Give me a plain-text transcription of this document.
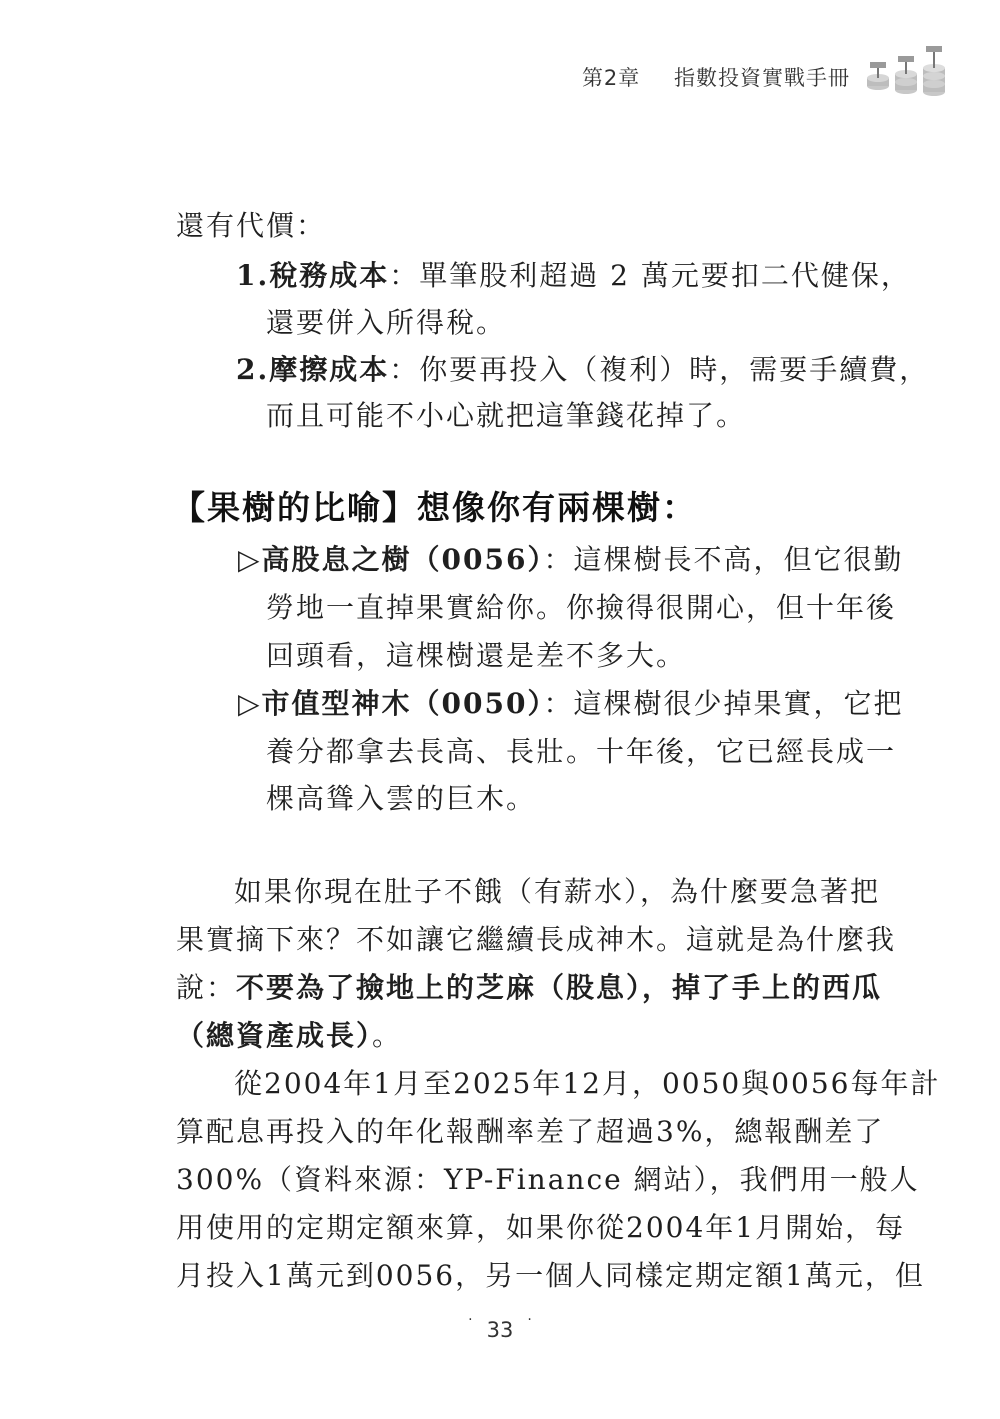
第2章 指數投資實戰手冊
還有代價：
1.稅務成本：單筆股利超過 2 萬元要扣二代健保，
還要併入所得稅。
2.摩擦成本：你要再投入（複利）時，需要手續費，
而且可能不小心就把這筆錢花掉了。
【果樹的比喻】想像你有兩棵樹：
▷高股息之樹（0056）：這棵樹長不高，但它很勤
勞地一直掉果實給你。你撿得很開心，但十年後
回頭看，這棵樹還是差不多大。
▷市值型神木（0050）：這棵樹很少掉果實，它把
養分都拿去長高、長壯。十年後，它已經長成一
棵高聳入雲的巨木。
如果你現在肚子不餓（有薪水），為什麼要急著把
果實摘下來？不如讓它繼續長成神木。這就是為什麼我
說：不要為了撿地上的芝麻（股息），掉了手上的西瓜
（總資產成長）。
從2004年1月至2025年12月，0050與0056每年計
算配息再投入的年化報酬率差了超過3%，總報酬差了
300%（資料來源：YP-Finance 網站），我們用一般人
用使用的定期定額來算，如果你從2004年1月開始，每
月投入1萬元到0056，另一個人同樣定期定額1萬元，但
· 33 ·
